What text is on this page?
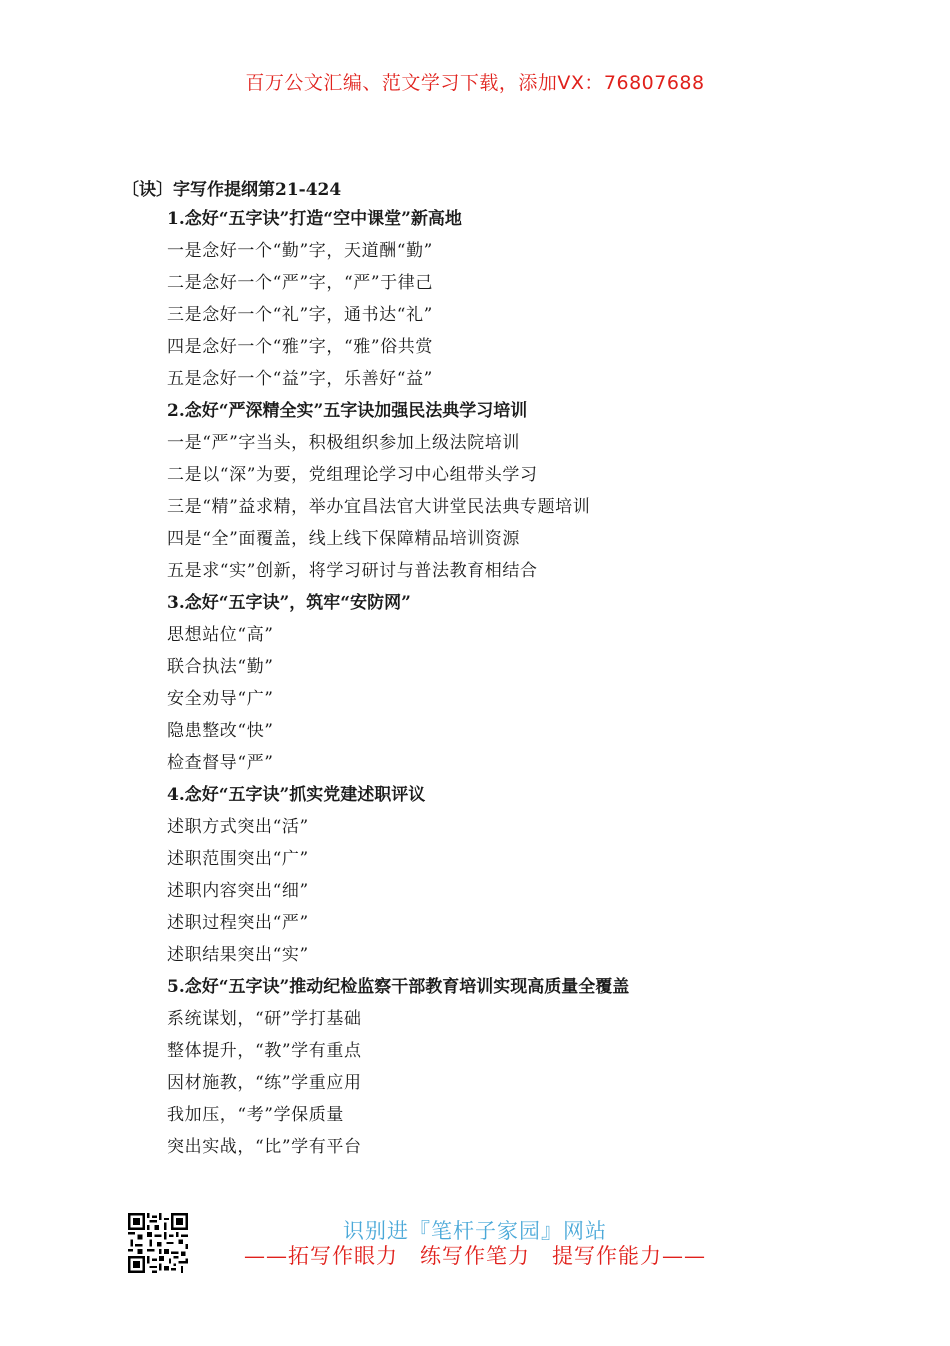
百万公文汇编、范文学习下载，添加VX：76807688
〔诀〕字写作提纲第21-424
1.念好“五字诀”打造“空中课堂”新高地
一是念好一个“勤”字，天道酬“勤”
二是念好一个“严”字，“严”于律己
三是念好一个“礼”字，通书达“礼”
四是念好一个“雅”字，“雅”俗共赏
五是念好一个“益”字，乐善好“益”
2.念好“严深精全实”五字诀加强民法典学习培训
一是“严”字当头，积极组织参加上级法院培训
二是以“深”为要，党组理论学习中心组带头学习
三是“精”益求精，举办宜昌法官大讲堂民法典专题培训
四是“全”面覆盖，线上线下保障精品培训资源
五是求“实”创新，将学习研讨与普法教育相结合
3.念好“五字诀”，筑牢“安防网”
思想站位“高”
联合执法“勤”
安全劝导“广”
隐患整改“快”
检查督导“严”
4.念好“五字诀”抓实党建述职评议
述职方式突出“活”
述职范围突出“广”
述职内容突出“细”
述职过程突出“严”
述职结果突出“实”
5.念好“五字诀”推动纪检监察干部教育培训实现高质量全覆盖
系统谋划，“研”学打基础
整体提升，“教”学有重点
因材施教，“练”学重应用
我加压，“考”学保质量
突出实战，“比”学有平台
识别进『笔杆子家园』网站
——拓写作眼力　练写作笔力　提写作能力——
